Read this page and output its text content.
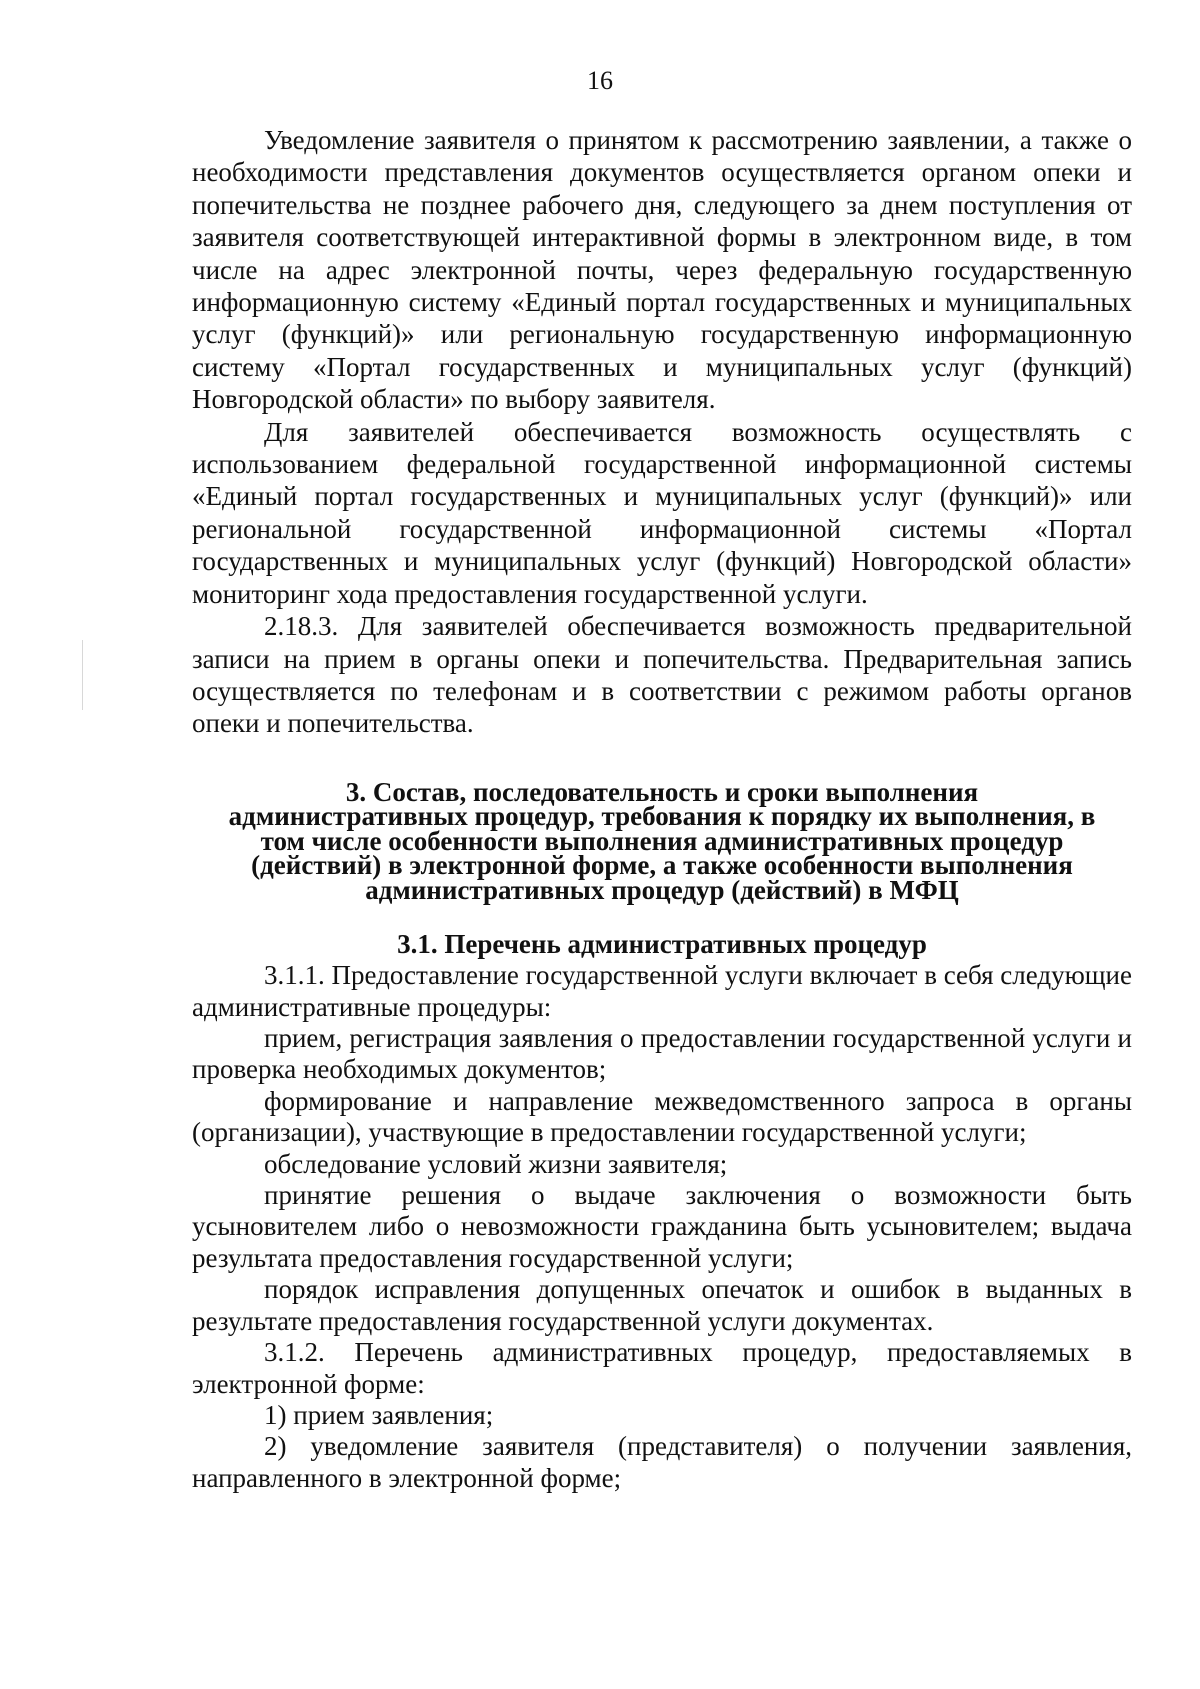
16

Уведомление заявителя о принятом к рассмотрению заявлении, а также о необходимости представления документов осуществляется органом опеки и попечительства не позднее рабочего дня, следующего за днем поступления от заявителя соответствующей интерактивной формы в электронном виде, в том числе на адрес электронной почты, через федеральную государственную информационную систему «Единый портал государственных и муниципальных услуг (функций)» или региональную государственную информационную систему «Портал государственных и муниципальных услуг (функций) Новгородской области» по выбору заявителя.

Для заявителей обеспечивается возможность осуществлять с использованием федеральной государственной информационной системы «Единый портал государственных и муниципальных услуг (функций)» или региональной государственной информационной системы «Портал государственных и муниципальных услуг (функций) Новгородской области» мониторинг хода предоставления государственной услуги.

2.18.3. Для заявителей обеспечивается возможность предварительной записи на прием в органы опеки и попечительства. Предварительная запись осуществляется по телефонам и в соответствии с режимом работы органов опеки и попечительства.

3. Состав, последовательность и сроки выполнения
административных процедур, требования к порядку их выполнения, в
том числе особенности выполнения административных процедур
(действий) в электронной форме, а также особенности выполнения
административных процедур (действий) в МФЦ
3.1. Перечень административных процедур

3.1.1. Предоставление государственной услуги включает в себя следующие административные процедуры:

прием, регистрация заявления о предоставлении государственной услуги и проверка необходимых документов;

формирование и направление межведомственного запроса в органы (организации), участвующие в предоставлении государственной услуги;

обследование условий жизни заявителя;

принятие решения о выдаче заключения о возможности быть усыновителем либо о невозможности гражданина быть усыновителем; выдача результата предоставления государственной услуги;

порядок исправления допущенных опечаток и ошибок в выданных в результате предоставления государственной услуги документах.

3.1.2. Перечень административных процедур, предоставляемых в электронной форме:

1) прием заявления;

2) уведомление заявителя (представителя) о получении заявления, направленного в электронной форме;
